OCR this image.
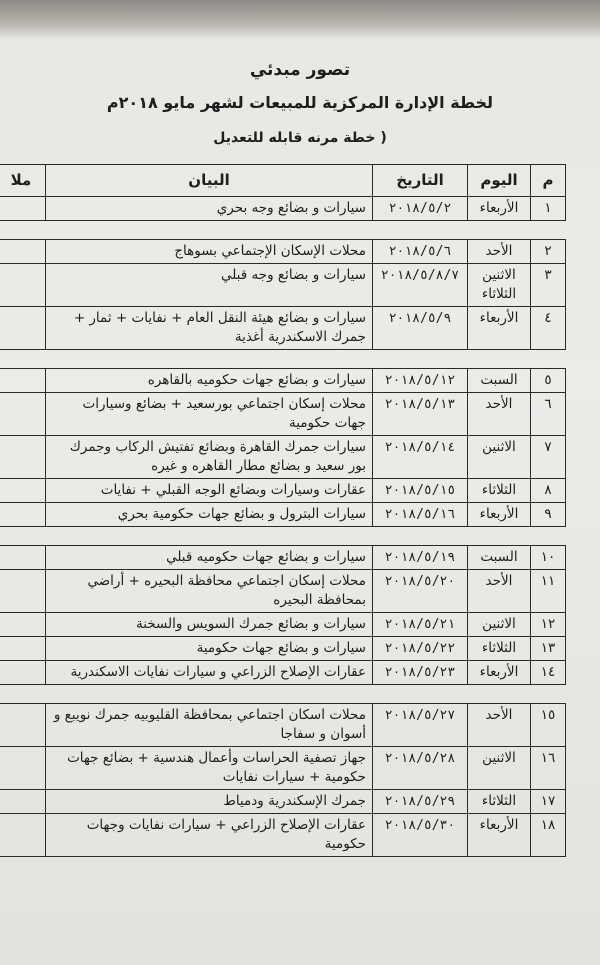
تصور مبدئي
لخطة الإدارة المركزية للمبيعات لشهر مايو ٢٠١٨م
( خطة مرنه قابله للتعديل
م	اليوم	التاريخ	البيان	ملا
١	الأربعاء	٢٠١٨/٥/٢	سيارات و بضائع وجه بحري	

٢	الأحد	٢٠١٨/٥/٦	محلات الإسكان الإجتماعي بسوهاج	
٣	الاثنين الثلاثاء	٢٠١٨/٥/٨/٧	سيارات و بضائع وجه قبلي	
٤	الأربعاء	٢٠١٨/٥/٩	سيارات و بضائع هيئة النقل العام + نفايات + ثمار + جمرك الاسكندرية أغذية	

٥	السبت	٢٠١٨/٥/١٢	سيارات و بضائع جهات حكوميه بالقاهره	
٦	الأحد	٢٠١٨/٥/١٣	محلات إسكان اجتماعي بورسعيد + بضائع وسيارات جهات حكومية	
٧	الاثنين	٢٠١٨/٥/١٤	سيارات جمرك القاهرة وبضائع تفتيش الركاب وجمرك بور سعيد و بضائع مطار القاهره و غيره	
٨	الثلاثاء	٢٠١٨/٥/١٥	عقارات وسيارات وبضائع الوجه القبلي + نفايات	
٩	الأربعاء	٢٠١٨/٥/١٦	سيارات البترول و بضائع جهات حكومية بحري	

١٠	السبت	٢٠١٨/٥/١٩	سيارات و بضائع جهات حكوميه قبلي	
١١	الأحد	٢٠١٨/٥/٢٠	محلات إسكان اجتماعي محافظة البحيره + أراضي بمحافظة البحيره	
١٢	الاثنين	٢٠١٨/٥/٢١	سيارات و بضائع جمرك السويس والسخنة	
١٣	الثلاثاء	٢٠١٨/٥/٢٢	سيارات و بضائع جهات حكومية	
١٤	الأربعاء	٢٠١٨/٥/٢٣	عقارات الإصلاح الزراعي و سيارات نفايات الاسكندرية	

١٥	الأحد	٢٠١٨/٥/٢٧	محلات اسكان اجتماعي بمحافظة القليوبيه جمرك نويبع و أسوان و سفاجا	
١٦	الاثنين	٢٠١٨/٥/٢٨	جهاز تصفية الحراسات وأعمال هندسية + بضائع جهات حكومية + سيارات نفايات	
١٧	الثلاثاء	٢٠١٨/٥/٢٩	جمرك الإسكندرية ودمياط	
١٨	الأربعاء	٢٠١٨/٥/٣٠	عقارات الإصلاح الزراعي + سيارات نفايات وجهات حكومية	
